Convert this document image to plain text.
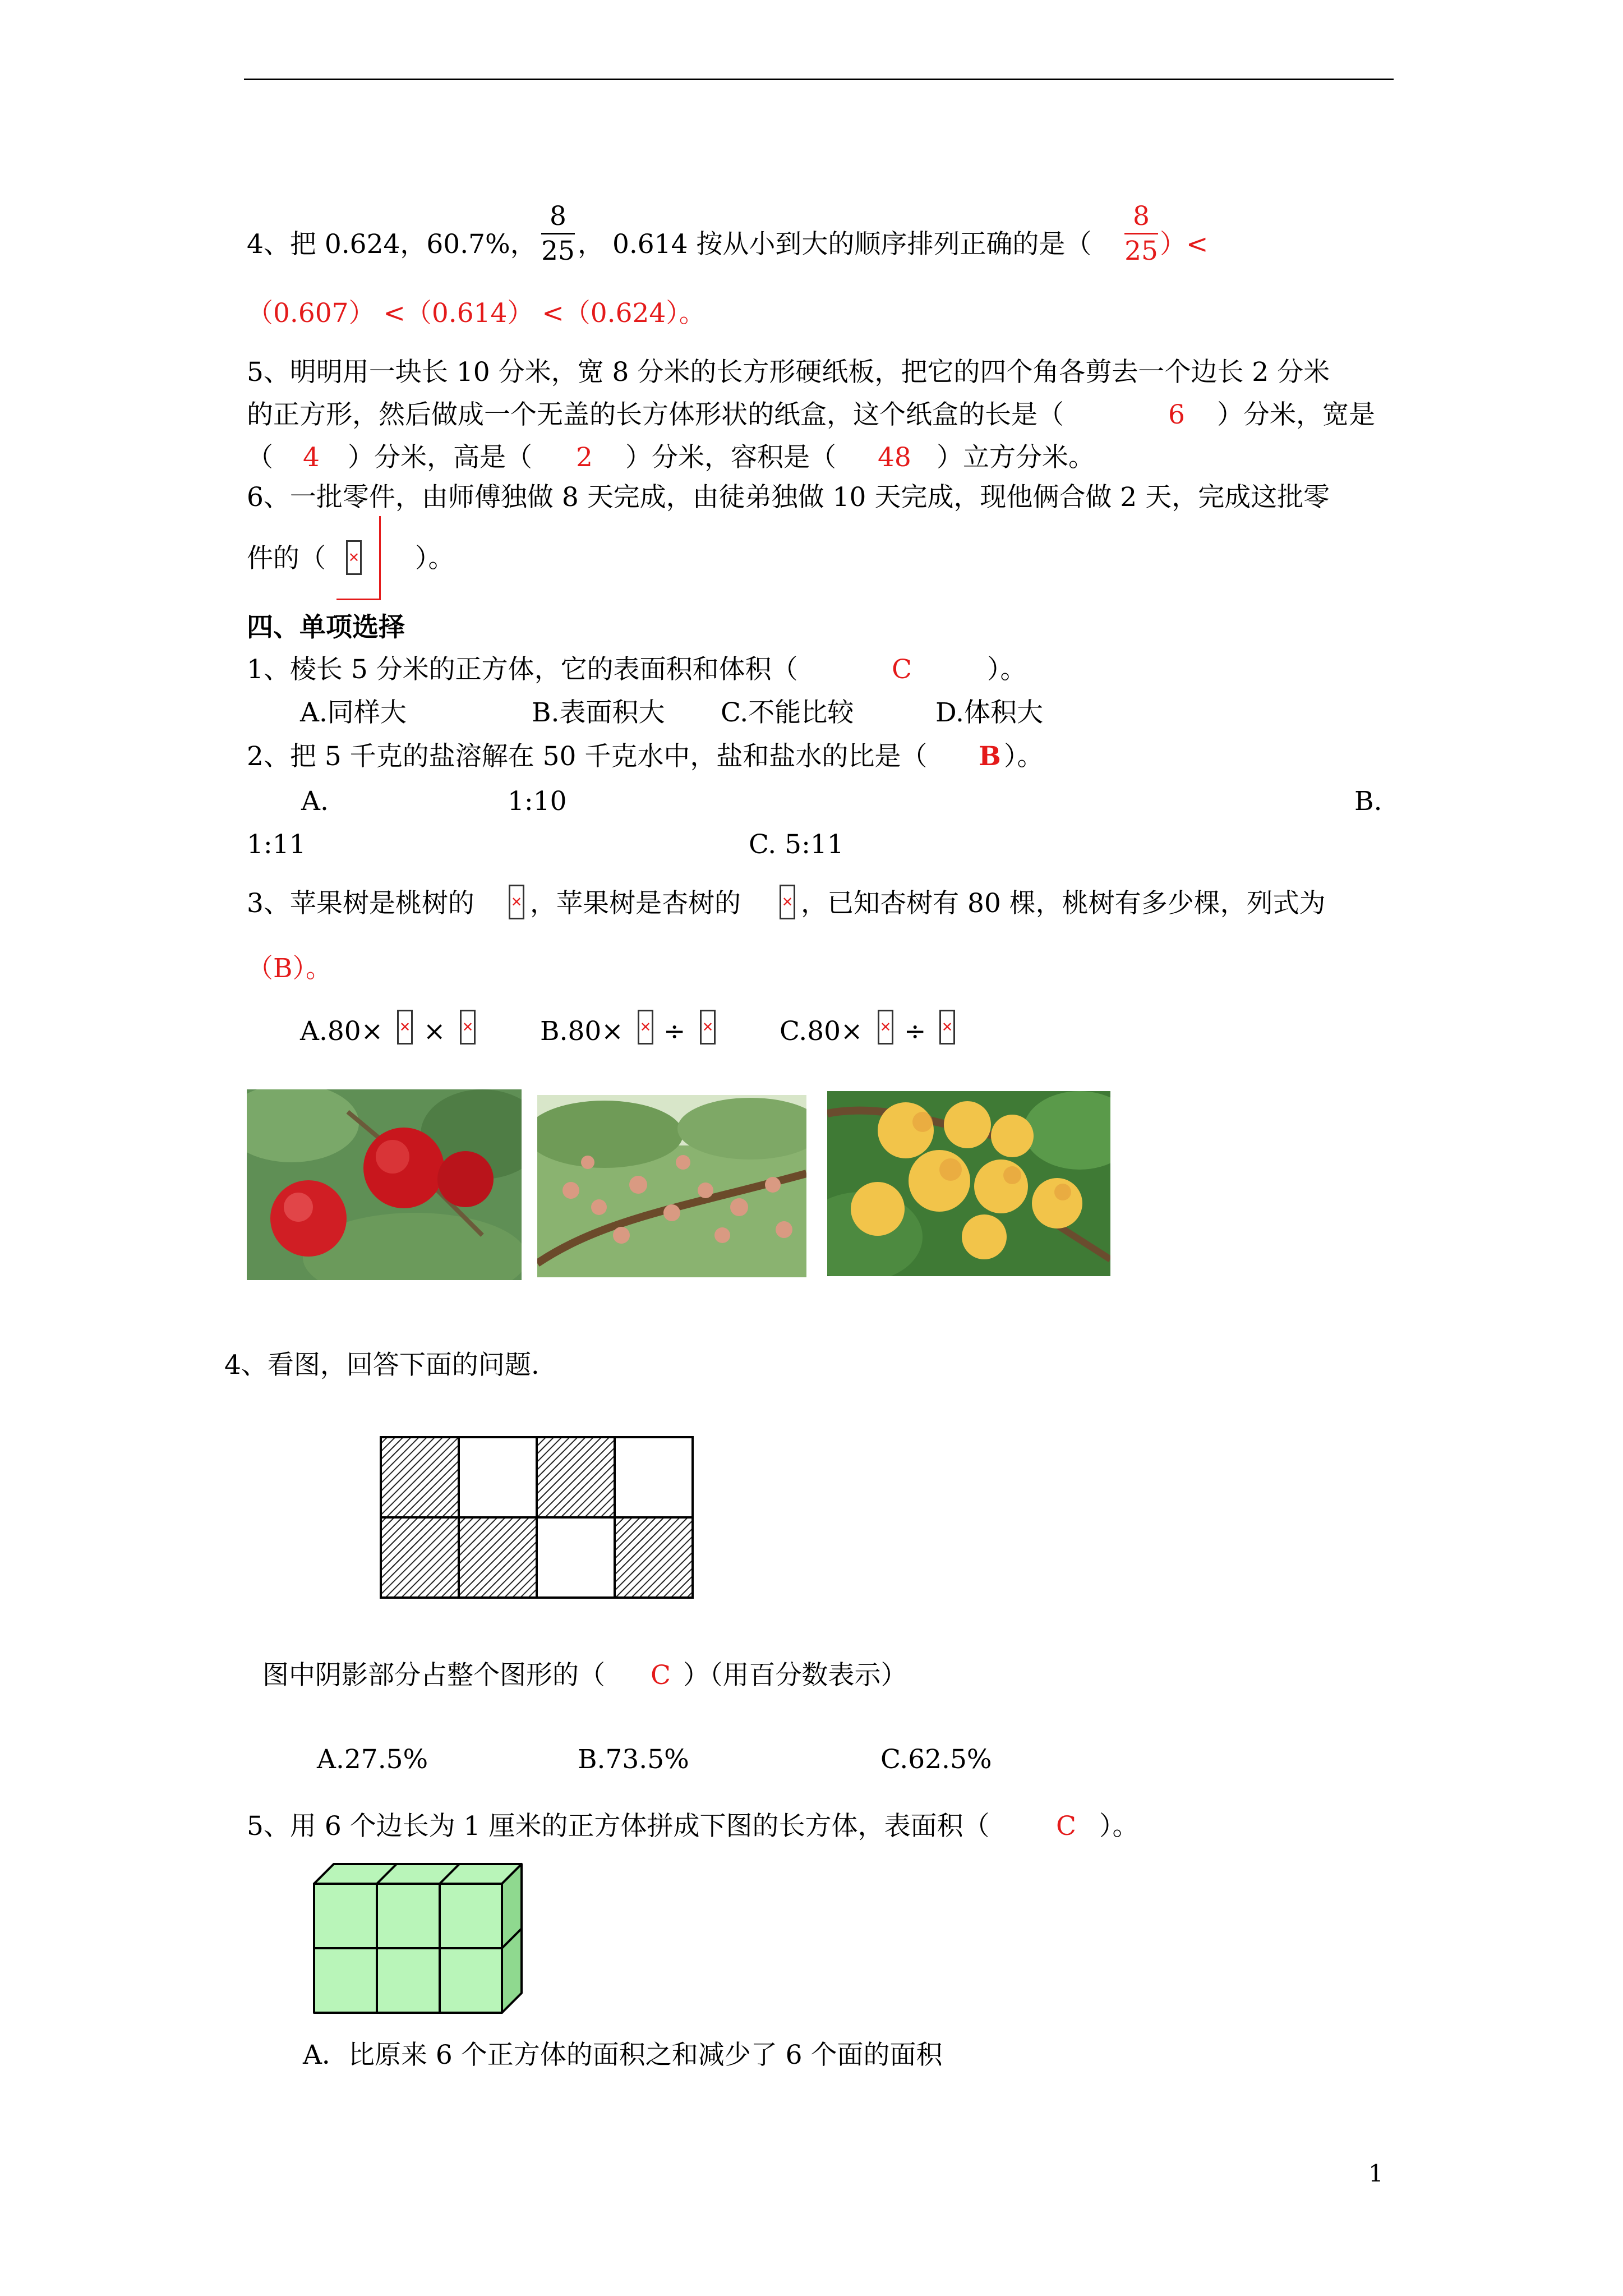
4、把 0.624，60.7%，
8
25 ， 0.614 按从小到大的顺序排列正确的是（
8
25 ）<
（0.607） <（0.614） <（0.624）。
5、明明用一块长 10 分米，宽 8 分米的长方形硬纸板，把它的四个角各剪去一个边长 2 分米
的正方形，然后做成一个无盖的长方体形状的纸盒，这个纸盒的长是（	6 ）分米，宽是
（ 4 ）分米，高是（ 2 ）分米，容积是（ 48 ）立方分米。
6、一批零件，由师傅独做 8 天完成，由徒弟独做 10 天完成，现他俩合做 2 天，完成这批零
件的（ ✕ ）。
四、单项选择
1、棱长 5 分米的正方体，它的表面积和体积（	C	）。
A.同样大	B.表面积大 C.不能比较	D.体积大
2、把 5 千克的盐溶解在 50 千克水中，盐和盐水的比是（ B ）。
A.	1:10	B.
1:11	C. 5:11
3、苹果树是桃树的	✕ ，苹果树是杏树的	✕ ，已知杏树有 80 棵，桃树有多少棵，列式为
（B）。
A.80× ✕ × ✕	B.80× ✕ ÷ ✕	C.80× ✕ ÷ ✕
4、看图，回答下面的问题.
图中阴影部分占整个图形的（ C ）（用百分数表示）
A.27.5%	B.73.5%	C.62.5%
5、用 6 个边长为 1 厘米的正方体拼成下图的长方体，表面积（	C ）。
A．比原来 6 个正方体的面积之和减少了 6 个面的面积
1
